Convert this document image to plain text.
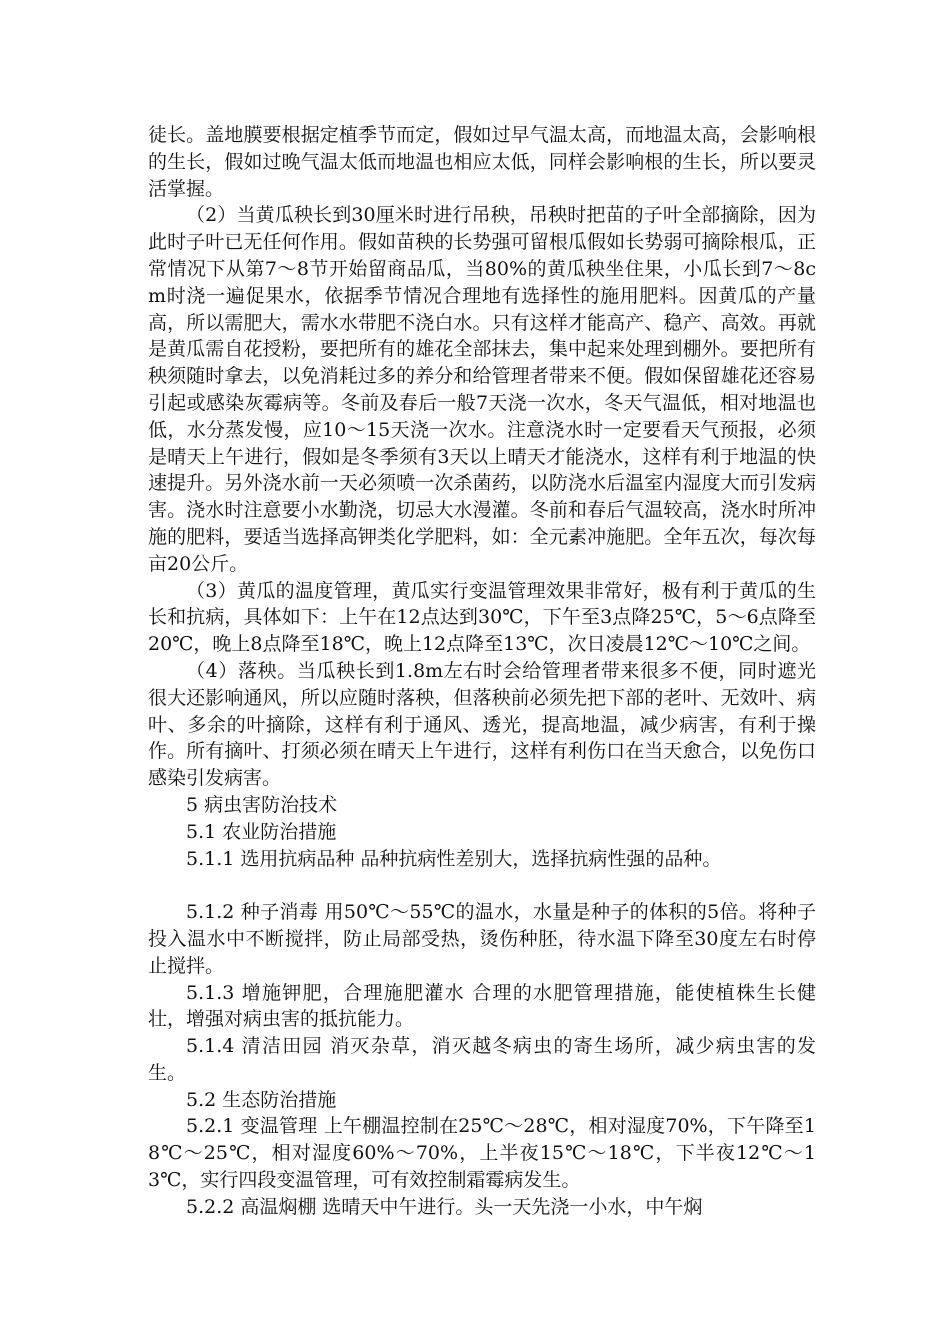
徒长。盖地膜要根据定植季节而定，假如过早气温太高，而地温太高，会影响根的生长，假如过晚气温太低而地温也相应太低，同样会影响根的生长，所以要灵活掌握。

（2）当黄瓜秧长到30厘米时进行吊秧，吊秧时把苗的子叶全部摘除，因为此时子叶已无任何作用。假如苗秧的长势强可留根瓜假如长势弱可摘除根瓜，正常情况下从第7～8节开始留商品瓜，当80%的黄瓜秧坐住果，小瓜长到7～8cm时浇一遍促果水，依据季节情况合理地有选择性的施用肥料。因黄瓜的产量高，所以需肥大，需水水带肥不浇白水。只有这样才能高产、稳产、高效。再就是黄瓜需自花授粉，要把所有的雄花全部抹去，集中起来处理到棚外。要把所有秧须随时拿去，以免消耗过多的养分和给管理者带来不便。假如保留雄花还容易引起或感染灰霉病等。冬前及春后一般7天浇一次水，冬天气温低，相对地温也低，水分蒸发慢，应10～15天浇一次水。注意浇水时一定要看天气预报，必须是晴天上午进行，假如是冬季须有3天以上晴天才能浇水，这样有利于地温的快速提升。另外浇水前一天必须喷一次杀菌药，以防浇水后温室内湿度大而引发病害。浇水时注意要小水勤浇，切忌大水漫灌。冬前和春后气温较高，浇水时所冲施的肥料，要适当选择高钾类化学肥料，如：全元素冲施肥。全年五次，每次每亩20公斤。

（3）黄瓜的温度管理，黄瓜实行变温管理效果非常好，极有利于黄瓜的生长和抗病，具体如下：上午在12点达到30℃，下午至3点降25℃，5～6点降至20℃，晚上8点降至18℃，晚上12点降至13℃，次日凌晨12℃～10℃之间。

（4）落秧。当瓜秧长到1.8m左右时会给管理者带来很多不便，同时遮光很大还影响通风，所以应随时落秧，但落秧前必须先把下部的老叶、无效叶、病叶、多余的叶摘除，这样有利于通风、透光，提高地温，减少病害，有利于操作。所有摘叶、打须必须在晴天上午进行，这样有利伤口在当天愈合，以免伤口感染引发病害。

5 病虫害防治技术

5.1 农业防治措施

5.1.1 选用抗病品种 品种抗病性差别大，选择抗病性强的品种。

5.1.2 种子消毒 用50℃～55℃的温水，水量是种子的体积的5倍。将种子投入温水中不断搅拌，防止局部受热，烫伤种胚，待水温下降至30度左右时停止搅拌。

5.1.3 增施钾肥，合理施肥灌水 合理的水肥管理措施，能使植株生长健壮，增强对病虫害的抵抗能力。

5.1.4 清洁田园 消灭杂草，消灭越冬病虫的寄生场所，减少病虫害的发生。

5.2 生态防治措施

5.2.1 变温管理 上午棚温控制在25℃～28℃，相对湿度70%，下午降至18℃～25℃，相对湿度60%～70%，上半夜15℃～18℃，下半夜12℃～13℃，实行四段变温管理，可有效控制霜霉病发生。

5.2.2 高温焖棚 选晴天中午进行。头一天先浇一小水，中午焖
